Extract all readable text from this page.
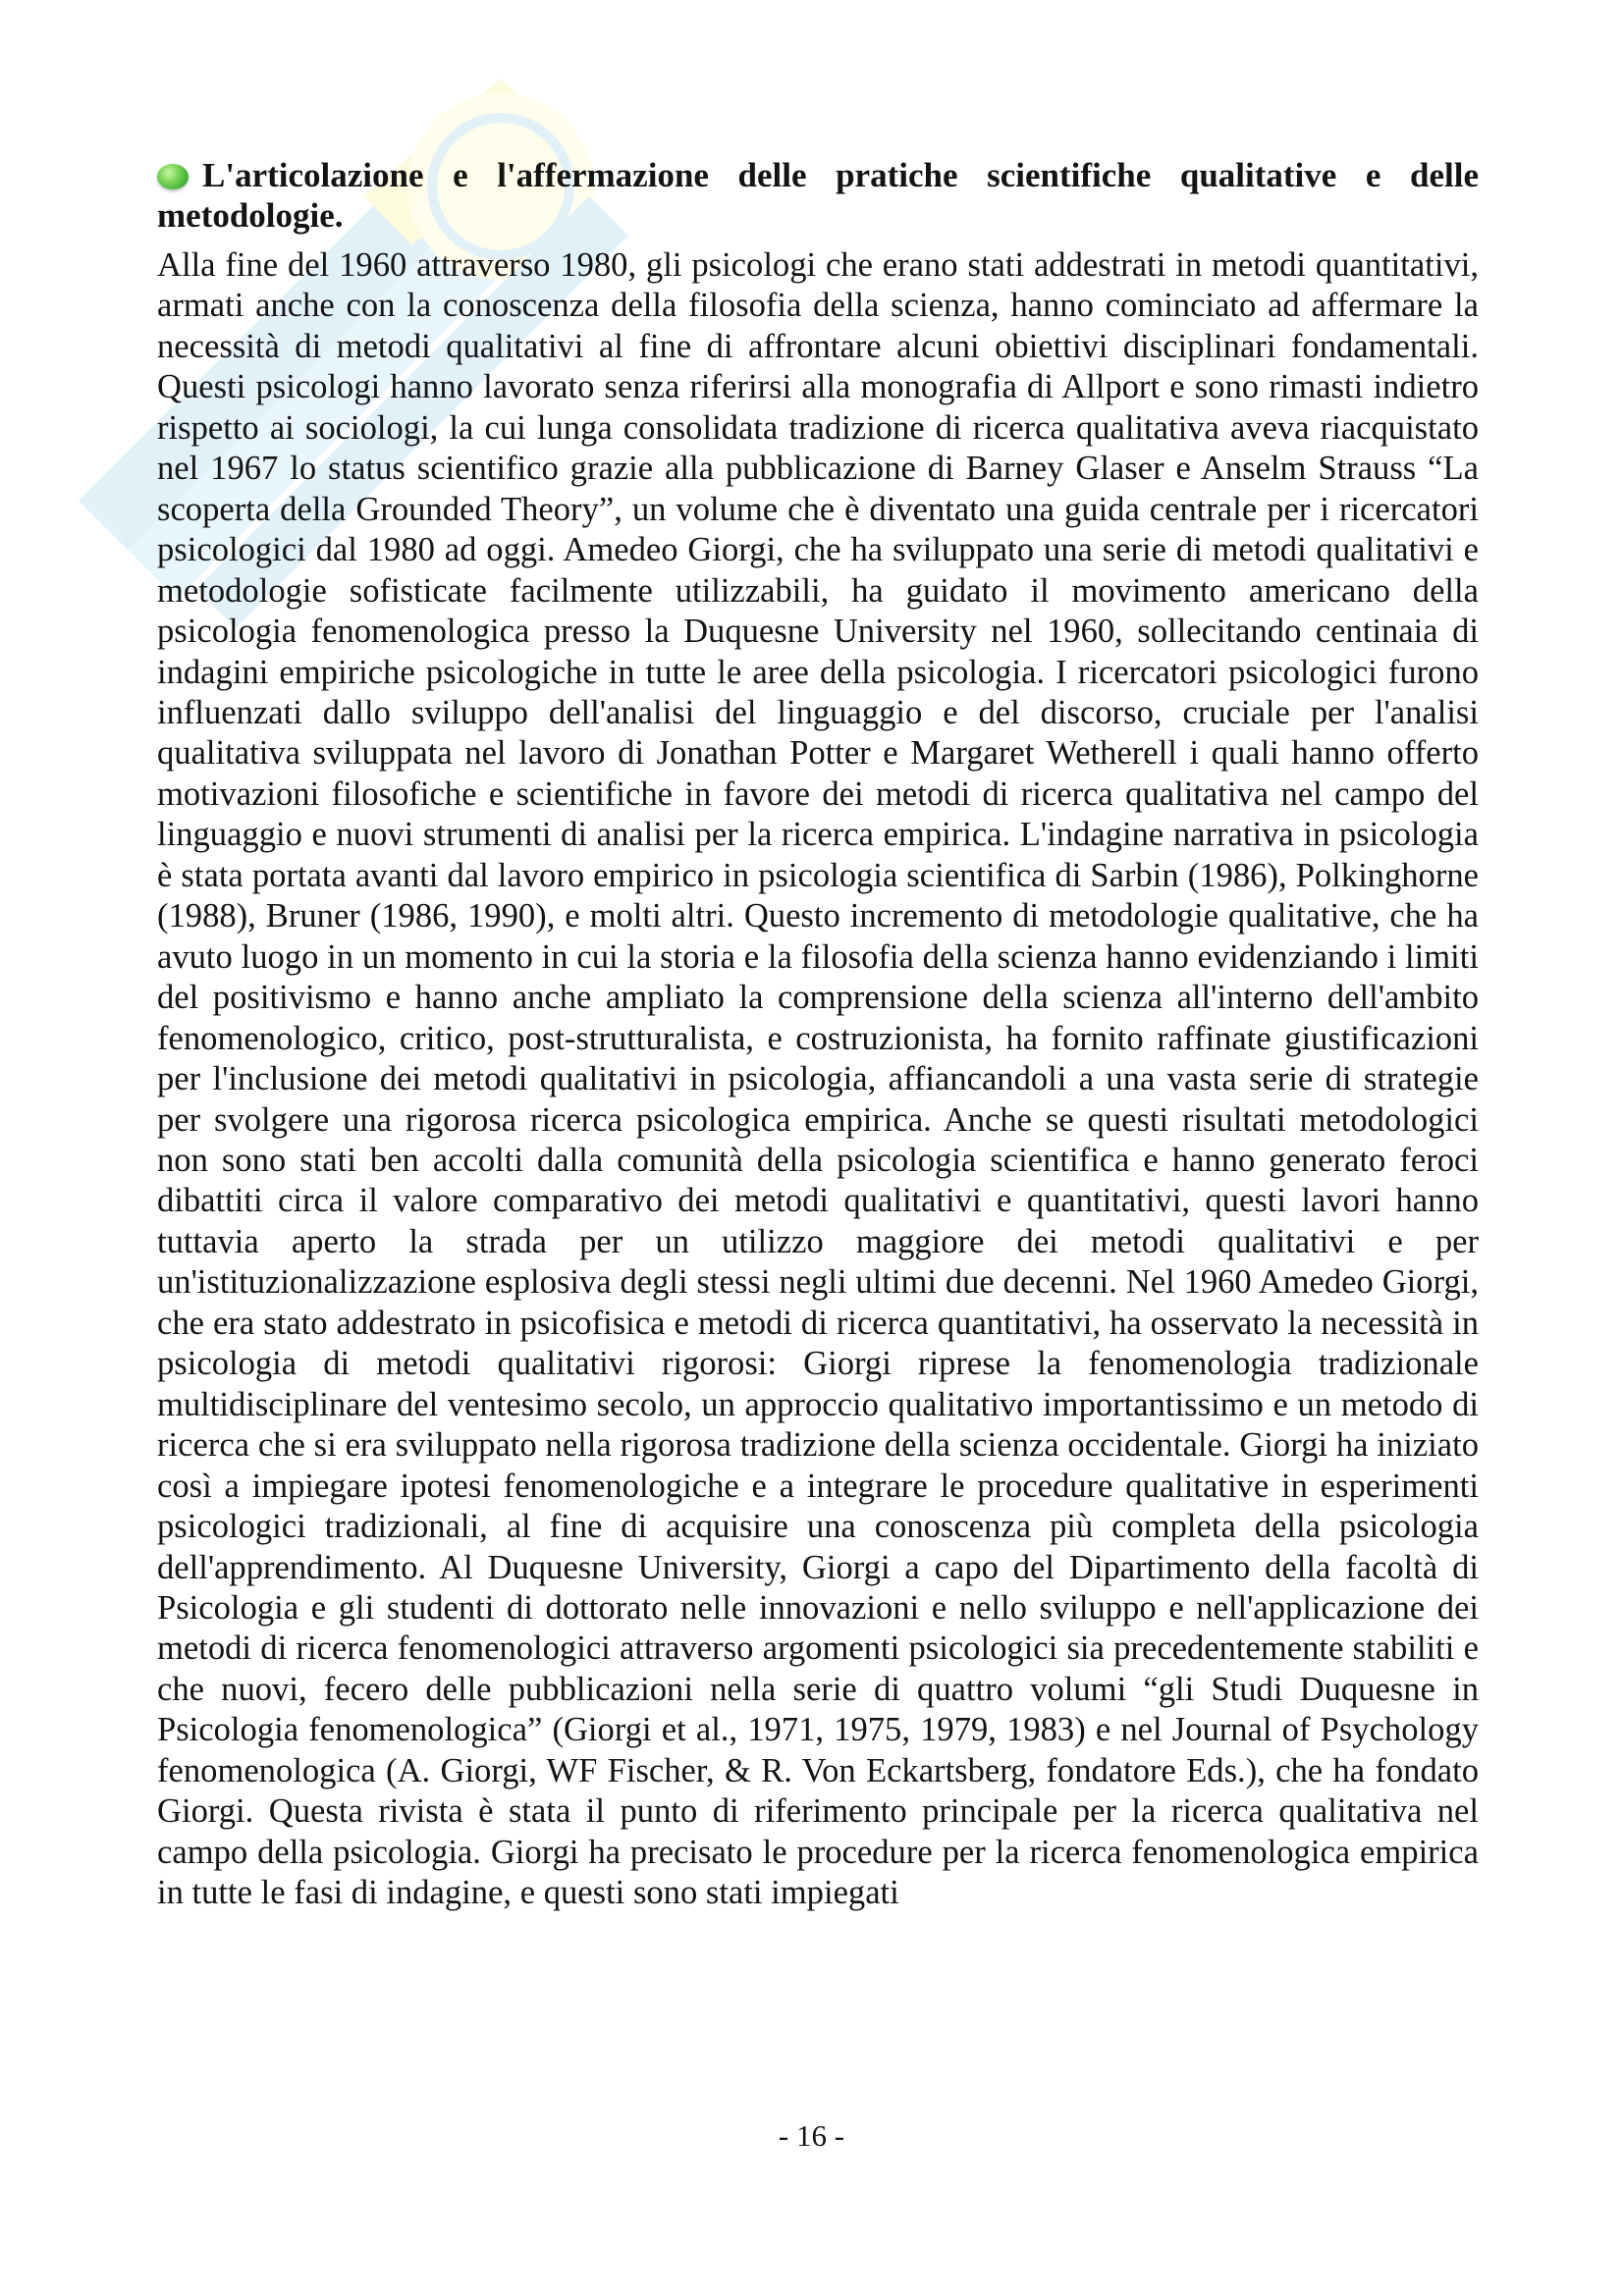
L'articolazione e l'affermazione delle pratiche scientifiche qualitative e delle metodologie.

Alla fine del 1960 attraverso 1980, gli psicologi che erano stati addestrati in metodi quantitativi, armati anche con la conoscenza della filosofia della scienza, hanno cominciato ad affermare la necessità di metodi qualitativi al fine di affrontare alcuni obiettivi disciplinari fondamentali. Questi psicologi hanno lavorato senza riferirsi alla monografia di Allport e sono rimasti indietro rispetto ai sociologi, la cui lunga consolidata tradizione di ricerca qualitativa aveva riacquistato nel 1967 lo status scientifico grazie alla pubblicazione di Barney Glaser e Anselm Strauss “La scoperta della Grounded Theory”, un volume che è diventato una guida centrale per i ricercatori psicologici dal 1980 ad oggi. Amedeo Giorgi, che ha sviluppato una serie di metodi qualitativi e metodologie sofisticate facilmente utilizzabili, ha guidato il movimento americano della psicologia fenomenologica presso la Duquesne University nel 1960, sollecitando centinaia di indagini empiriche psicologiche in tutte le aree della psicologia. I ricercatori psicologici furono influenzati dallo sviluppo dell'analisi del linguaggio e del discorso, cruciale per l'analisi qualitativa sviluppata nel lavoro di Jonathan Potter e Margaret Wetherell i quali hanno offerto motivazioni filosofiche e scientifiche in favore dei metodi di ricerca qualitativa nel campo del linguaggio e nuovi strumenti di analisi per la ricerca empirica. L'indagine narrativa in psicologia è stata portata avanti dal lavoro empirico in psicologia scientifica di Sarbin (1986), Polkinghorne (1988), Bruner (1986, 1990), e molti altri. Questo incremento di metodologie qualitative, che ha avuto luogo in un momento in cui la storia e la filosofia della scienza hanno evidenziando i limiti del positivismo e hanno anche ampliato la comprensione della scienza all'interno dell'ambito fenomenologico, critico, post-strutturalista, e costruzionista, ha fornito raffinate giustificazioni per l'inclusione dei metodi qualitativi in psicologia, affiancandoli a una vasta serie di strategie per svolgere una rigorosa ricerca psicologica empirica. Anche se questi risultati metodologici non sono stati ben accolti dalla comunità della psicologia scientifica e hanno generato feroci dibattiti circa il valore comparativo dei metodi qualitativi e quantitativi, questi lavori hanno tuttavia aperto la strada per un utilizzo maggiore dei metodi qualitativi e per un'istituzionalizzazione esplosiva degli stessi negli ultimi due decenni. Nel 1960 Amedeo Giorgi, che era stato addestrato in psicofisica e metodi di ricerca quantitativi, ha osservato la necessità in psicologia di metodi qualitativi rigorosi: Giorgi riprese la fenomenologia tradizionale multidisciplinare del ventesimo secolo, un approccio qualitativo importantissimo e un metodo di ricerca che si era sviluppato nella rigorosa tradizione della scienza occidentale. Giorgi ha iniziato così a impiegare ipotesi fenomenologiche e a integrare le procedure qualitative in esperimenti psicologici tradizionali, al fine di acquisire una conoscenza più completa della psicologia dell'apprendimento. Al Duquesne University, Giorgi a capo del Dipartimento della facoltà di Psicologia e gli studenti di dottorato nelle innovazioni e nello sviluppo e nell'applicazione dei metodi di ricerca fenomenologici attraverso argomenti psicologici sia precedentemente stabiliti e che nuovi, fecero delle pubblicazioni nella serie di quattro volumi “gli Studi Duquesne in Psicologia fenomenologica” (Giorgi et al., 1971, 1975, 1979, 1983) e nel Journal of Psychology fenomenologica (A. Giorgi, WF Fischer, & R. Von Eckartsberg, fondatore Eds.), che ha fondato Giorgi. Questa rivista è stata il punto di riferimento principale per la ricerca qualitativa nel campo della psicologia. Giorgi ha precisato le procedure per la ricerca fenomenologica empirica in tutte le fasi di indagine, e questi sono stati impiegati

- 16 -
